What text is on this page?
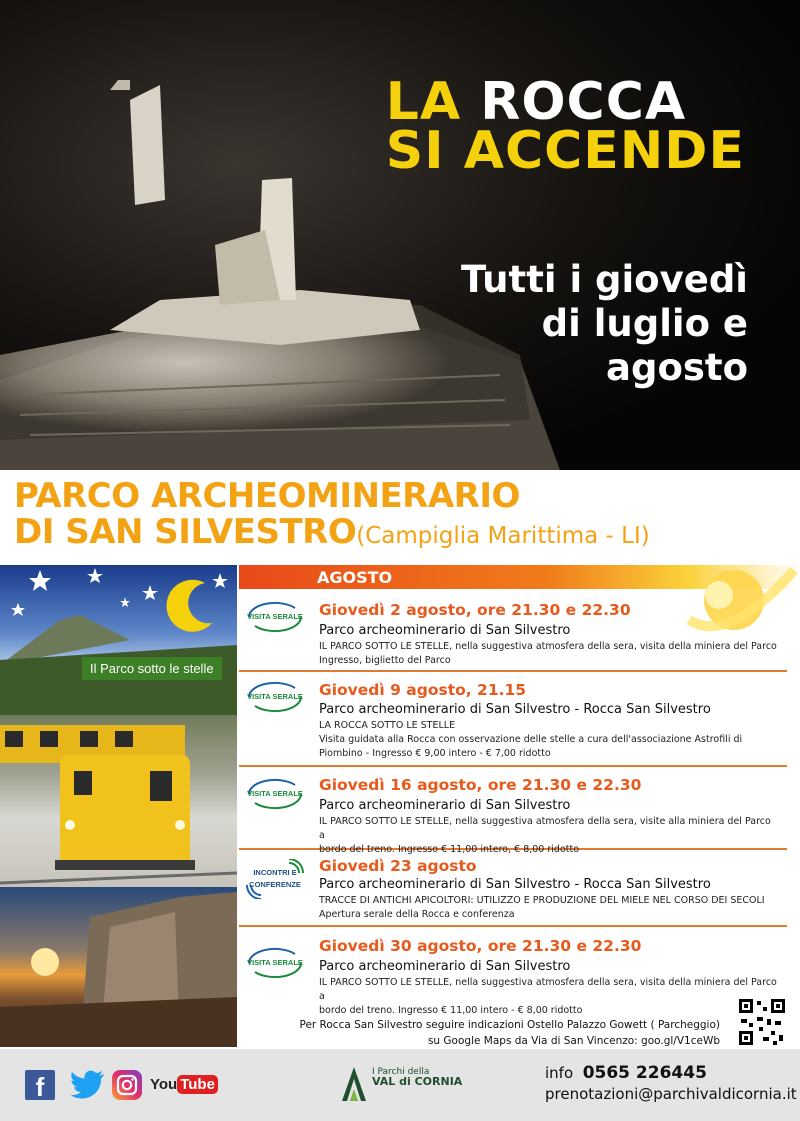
LA ROCCA
SI ACCENDE
Tutti i giovedì
di luglio e
agosto
PARCO ARCHEOMINERARIO
DI SAN SILVESTRO(Campiglia Marittima - LI)
Il Parco sotto le stelle
AGOSTO
VISITA SERALE Giovedì 2 agosto, ore 21.30 e 22.30
Parco archeominerario di San Silvestro
IL PARCO SOTTO LE STELLE, nella suggestiva atmosfera della sera, visita della miniera del Parco
Ingresso, biglietto del Parco
VISITA SERALE Giovedì 9 agosto, 21.15
Parco archeominerario di San Silvestro - Rocca San Silvestro
LA ROCCA SOTTO LE STELLE
Visita guidata alla Rocca con osservazione delle stelle a cura dell'associazione Astrofili di
Piombino - Ingresso € 9,00 intero - € 7,00 ridotto
VISITA SERALE Giovedì 16 agosto, ore 21.30 e 22.30
Parco archeominerario di San Silvestro
IL PARCO SOTTO LE STELLE, nella suggestiva atmosfera della sera, visite alla miniera del Parco a
bordo del treno. Ingresso € 11,00 intero, € 8,00 ridotto
INCONTRI E CONFERENZE
Giovedì 23 agosto
Parco archeominerario di San Silvestro - Rocca San Silvestro
TRACCE DI ANTICHI APICOLTORI: UTILIZZO E PRODUZIONE DEL MIELE NEL CORSO DEI SECOLI
Apertura serale della Rocca e conferenza
VISITA SERALE
Giovedì 30 agosto, ore 21.30 e 22.30
Parco archeominerario di San Silvestro
IL PARCO SOTTO LE STELLE, nella suggestiva atmosfera della sera, visita della miniera del Parco a
bordo del treno. Ingresso € 11,00 intero - € 8,00 ridotto
Per Rocca San Silvestro seguire indicazioni Ostello Palazzo Gowett ( Parcheggio)
su Google Maps da Via di San Vincenzo: goo.gl/V1ceWb
f	You Tube
I Parchi della
VAL di CORNIA	info 0565 226445
prenotazioni@parchivaldicornia.it
